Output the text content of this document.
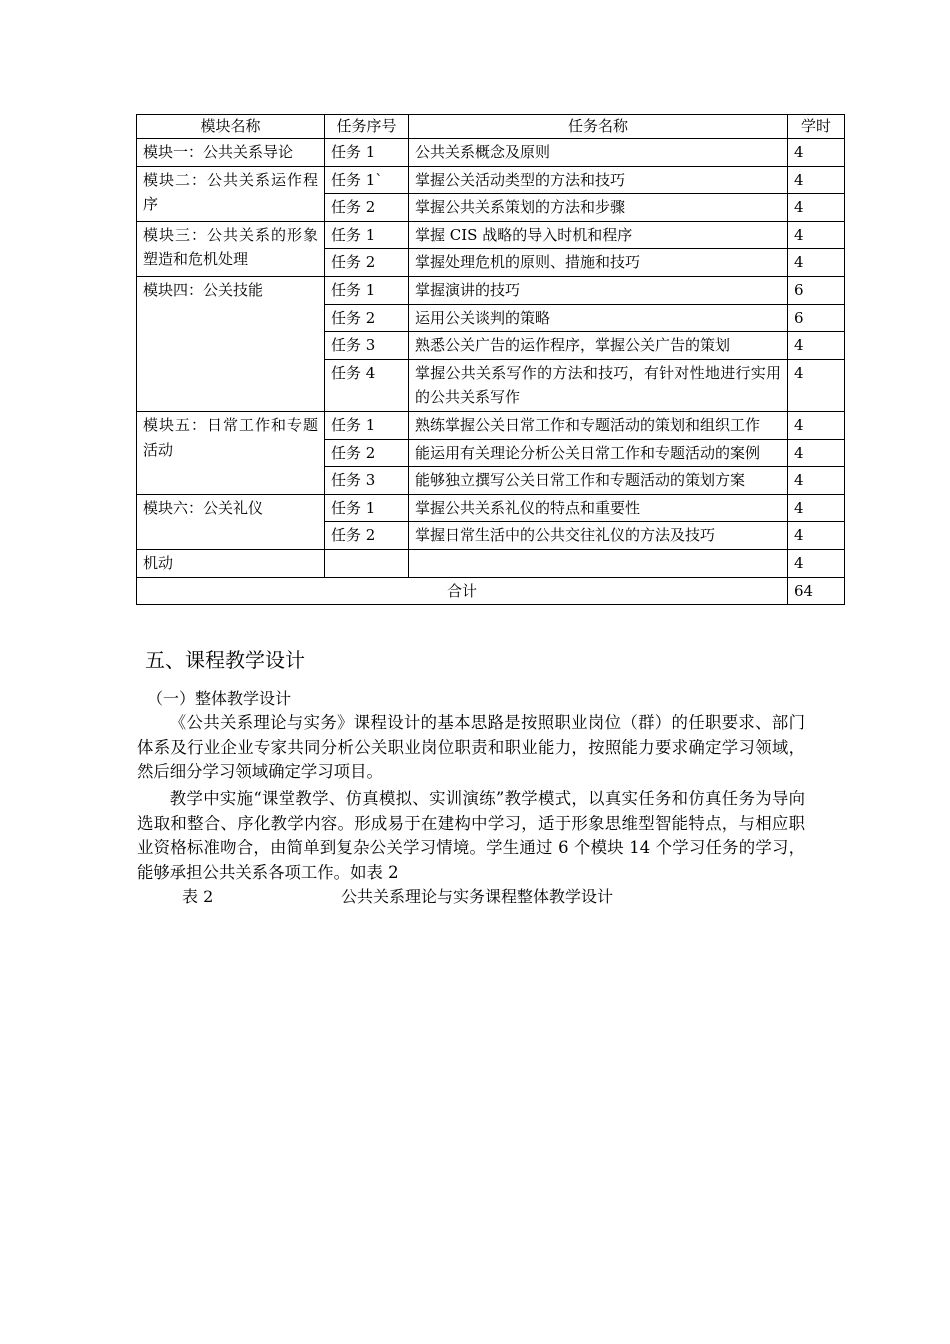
模块名称	任务序号	任务名称	学时
模块一：公共关系导论	任务 1	公共关系概念及原则	4
模块二：公共关系运作程序	任务 1`	掌握公关活动类型的方法和技巧	4
	任务 2	掌握公共关系策划的方法和步骤	4
模块三：公共关系的形象塑造和危机处理	任务 1	掌握 CIS 战略的导入时机和程序	4
	任务 2	掌握处理危机的原则、措施和技巧	4
模块四：公关技能	任务 1	掌握演讲的技巧	6
	任务 2	运用公关谈判的策略	6
	任务 3	熟悉公关广告的运作程序，掌握公关广告的策划	4
	任务 4	掌握公共关系写作的方法和技巧，有针对性地进行实用的公共关系写作	4
模块五：日常工作和专题活动	任务 1	熟练掌握公关日常工作和专题活动的策划和组织工作	4
	任务 2	能运用有关理论分析公关日常工作和专题活动的案例	4
	任务 3	能够独立撰写公关日常工作和专题活动的策划方案	4
模块六：公关礼仪	任务 1	掌握公共关系礼仪的特点和重要性	4
	任务 2	掌握日常生活中的公共交往礼仪的方法及技巧	4
机动			4
合计			64
五、课程教学设计
（一）整体教学设计

《公共关系理论与实务》课程设计的基本思路是按照职业岗位（群）的任职要求、部门体系及行业企业专家共同分析公关职业岗位职责和职业能力，按照能力要求确定学习领域，然后细分学习领域确定学习项目。

教学中实施“课堂教学、仿真模拟、实训演练”教学模式，以真实任务和仿真任务为导向选取和整合、序化教学内容。形成易于在建构中学习，适于形象思维型智能特点，与相应职业资格标准吻合，由简单到复杂公关学习情境。学生通过 6 个模块 14 个学习任务的学习，能够承担公共关系各项工作。如表 2

表 2	公共关系理论与实务课程整体教学设计
